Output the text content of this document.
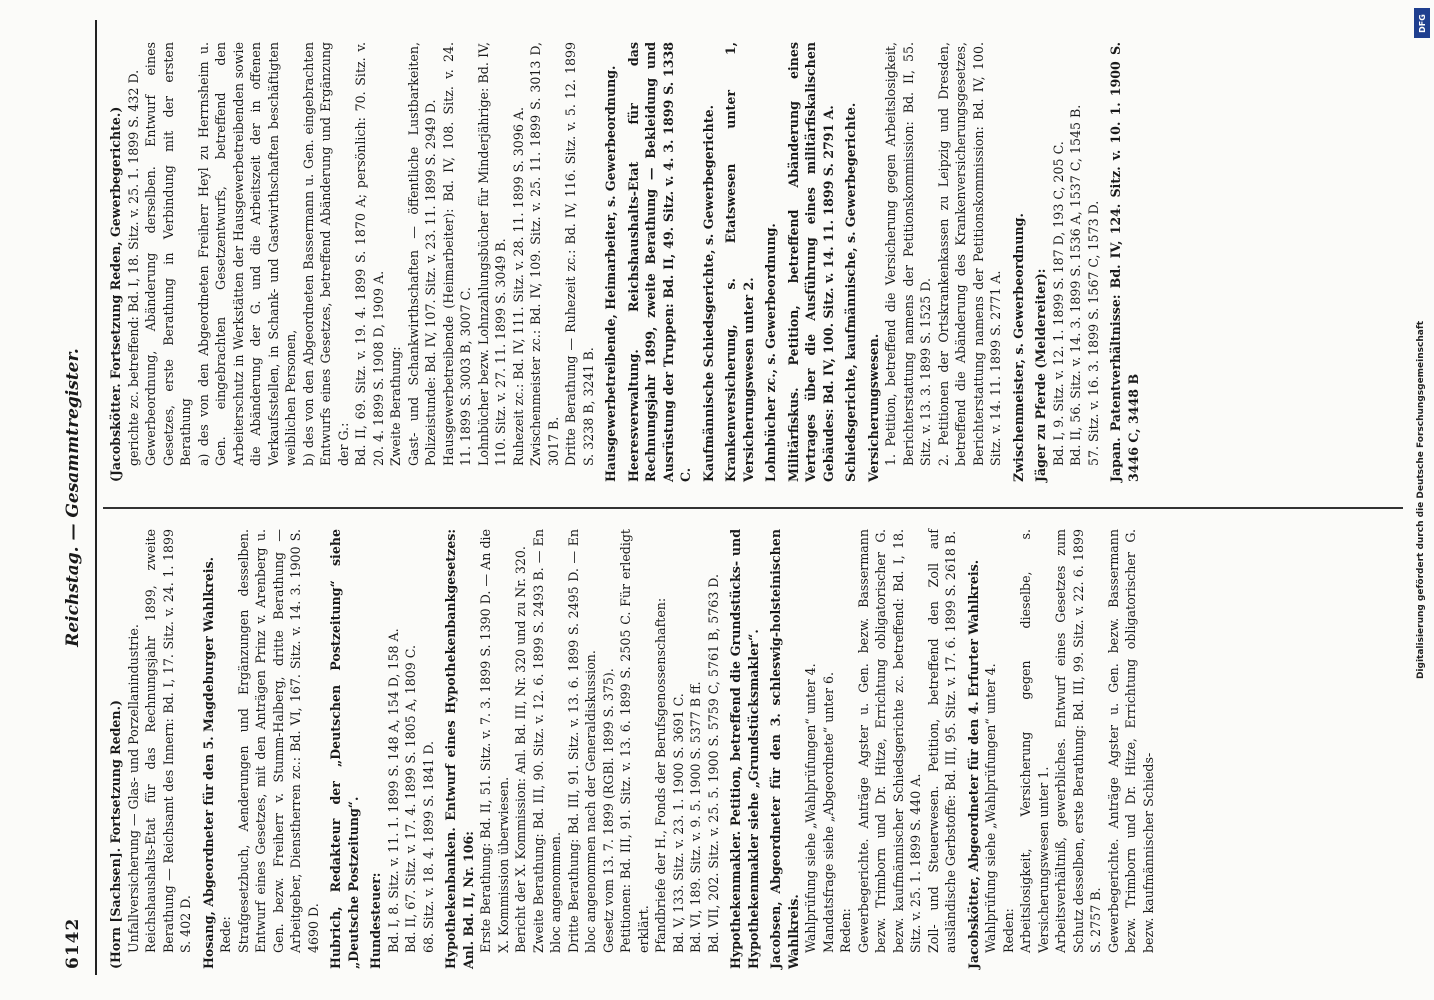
6142
Reichstag. — Gesammtregister.

(Horn [Sachsen]. Fortsetzung Reden.) Unfallversicherung — Glas- und Porzellanindustrie. Reichshaushalts-Etat für das Rechnungsjahr 1899, zweite Berathung — Reichsamt des Innern: Bd. I, 17. Sitz. v. 24. 1. 1899 S. 402 D. Hosang, Abgeordneter für den 5. Magdeburger Wahlkreis. Rede: Strafgesetzbuch, Aenderungen und Ergänzungen desselben. Entwurf eines Gesetzes, mit den Anträgen Prinz v. Arenberg u. Gen. bezw. Freiherr v. Stumm-Halberg, dritte Berathung — Arbeitgeber, Dienstherren zc.: Bd. VI, 167. Sitz. v. 14. 3. 1900 S. 4690 D. Hubrich, Redakteur der „Deutschen Postzeitung“ siehe „Deutsche Postzeitung“. Hundesteuer: Bd. I, 8. Sitz. v. 11. 1. 1899 S. 148 A, 154 D, 158 A. Bd. II, 67. Sitz. v. 17. 4. 1899 S. 1805 A, 1809 C. 68. Sitz. v. 18. 4. 1899 S. 1841 D. Hypothekenbanken. Entwurf eines Hypothekenbankgesetzes: Anl. Bd. II, Nr. 106: Erste Berathung: Bd. II, 51. Sitz. v. 7. 3. 1899 S. 1390 D. — An die X. Kommission überwiesen. Bericht der X. Kommission: Anl. Bd. III, Nr. 320 und zu Nr. 320. Zweite Berathung: Bd. III, 90. Sitz. v. 12. 6. 1899 S. 2493 B. — En bloc angenommen. Dritte Berathung: Bd. III, 91. Sitz. v. 13. 6. 1899 S. 2495 D. — En bloc angenommen nach der Generaldiskussion. Gesetz vom 13. 7. 1899 (RGBl. 1899 S. 375). Petitionen: Bd. III, 91. Sitz. v. 13. 6. 1899 S. 2505 C. Für erledigt erklärt. Pfandbriefe der H., Fonds der Berufsgenossenschaften: Bd. V, 133. Sitz. v. 23. 1. 1900 S. 3691 C. Bd. VI, 189. Sitz. v. 9. 5. 1900 S. 5377 B ff. Bd. VII, 202. Sitz. v. 25. 5. 1900 S. 5759 C, 5761 B, 5763 D. Hypothekenmakler. Petition, betreffend die Grundstücks- und Hypothekenmakler siehe „Grundstücksmakler“. Jacobsen, Abgeordneter für den 3. schleswig-holsteinischen Wahlkreis. Wahlprüfung siehe „Wahlprüfungen“ unter 4. Mandatsfrage siehe „Abgeordnete“ unter 6. Reden: Gewerbegerichte. Anträge Agster u. Gen. bezw. Bassermann bezw. Trimborn und Dr. Hitze, Errichtung obligatorischer G. bezw. kaufmännischer Schiedsgerichte zc. betreffend: Bd. I, 18. Sitz. v. 25. 1. 1899 S. 440 A. Zoll- und Steuerwesen. Petition, betreffend den Zoll auf ausländische Gerbstoffe: Bd. III, 95. Sitz. v. 17. 6. 1899 S. 2618 B. Jacobskötter, Abgeordneter für den 4. Erfurter Wahlkreis. Wahlprüfung siehe „Wahlprüfungen“ unter 4. Reden: Arbeitslosigkeit, Versicherung gegen dieselbe, s. Versicherungswesen unter 1. Arbeitsverhältniß, gewerbliches. Entwurf eines Gesetzes zum Schutz desselben, erste Berathung: Bd. III, 99. Sitz. v. 22. 6. 1899 S. 2757 B. Gewerbegerichte. Anträge Agster u. Gen. bezw. Bassermann bezw. Trimborn und Dr. Hitze, Errichtung obligatorischer G. bezw. kaufmännischer Schieds-

(Jacobskötter. Fortsetzung Reden, Gewerbegerichte.) gerichte zc. betreffend: Bd. I, 18. Sitz. v. 25. 1. 1899 S. 432 D. Gewerbeordnung, Abänderung derselben. Entwurf eines Gesetzes, erste Berathung in Verbindung mit der ersten Berathung a) des von den Abgeordneten Freiherr Heyl zu Herrnsheim u. Gen. eingebrachten Gesetzentwurfs, betreffend den Arbeiterschutz in Werkstätten der Hausgewerbetreibenden sowie die Abänderung der G. und die Arbeitszeit der in offenen Verkaufsstellen, in Schank- und Gastwirthschaften beschäftigten weiblichen Personen, b) des von den Abgeordneten Bassermann u. Gen. eingebrachten Entwurfs eines Gesetzes, betreffend Abänderung und Ergänzung der G.: Bd. II, 69. Sitz. v. 19. 4. 1899 S. 1870 A; persönlich: 70. Sitz. v. 20. 4. 1899 S. 1908 D, 1909 A. Zweite Berathung: Gast- und Schankwirthschaften — öffentliche Lustbarkeiten, Polizeistunde: Bd. IV, 107. Sitz. v. 23. 11. 1899 S. 2949 D. Hausgewerbetreibende (Heimarbeiter): Bd. IV, 108. Sitz. v. 24. 11. 1899 S. 3003 B, 3007 C. Lohnbücher bezw. Lohnzahlungsbücher für Minderjährige: Bd. IV, 110. Sitz. v. 27. 11. 1899 S. 3049 B. Ruhezeit zc.: Bd. IV, 111. Sitz. v. 28. 11. 1899 S. 3096 A. Zwischenmeister zc.: Bd. IV, 109. Sitz. v. 25. 11. 1899 S. 3013 D, 3017 B. Dritte Berathung — Ruhezeit zc.: Bd. IV, 116. Sitz. v. 5. 12. 1899 S. 3238 B, 3241 B. Hausgewerbetreibende, Heimarbeiter, s. Gewerbeordnung. Heeresverwaltung. Reichshaushalts-Etat für das Rechnungsjahr 1899, zweite Berathung — Bekleidung und Ausrüstung der Truppen: Bd. II, 49. Sitz. v. 4. 3. 1899 S. 1338 C. Kaufmännische Schiedsgerichte, s. Gewerbegerichte. Krankenversicherung, s. Etatswesen unter 1, Versicherungswesen unter 2. Lohnbücher zc., s. Gewerbeordnung. Militärfiskus. Petition, betreffend Abänderung eines Vertrages über die Ausführung eines militärfiskalischen Gebäudes: Bd. IV, 100. Sitz. v. 14. 11. 1899 S. 2791 A. Schiedsgerichte, kaufmännische, s. Gewerbegerichte. Versicherungswesen. 1. Petition, betreffend die Versicherung gegen Arbeitslosigkeit, Berichterstattung namens der Petitionskommission: Bd. II, 55. Sitz. v. 13. 3. 1899 S. 1525 D. 2. Petitionen der Ortskrankenkassen zu Leipzig und Dresden, betreffend die Abänderung des Krankenversicherungsgesetzes, Berichterstattung namens der Petitionskommission: Bd. IV, 100. Sitz. v. 14. 11. 1899 S. 2771 A. Zwischenmeister, s. Gewerbeordnung. Jäger zu Pferde (Meldereiter): Bd. I, 9. Sitz. v. 12. 1. 1899 S. 187 D, 193 C, 205 C. Bd. II, 56. Sitz. v. 14. 3. 1899 S. 1536 A, 1537 C, 1545 B. 57. Sitz. v. 16. 3. 1899 S. 1567 C, 1573 D. Japan. Patentverhältnisse: Bd. IV, 124. Sitz. v. 10. 1. 1900 S. 3446 C, 3448 B	Digitalisierung gefördert durch die Deutsche Forschungsgemeinschaft
DFG
